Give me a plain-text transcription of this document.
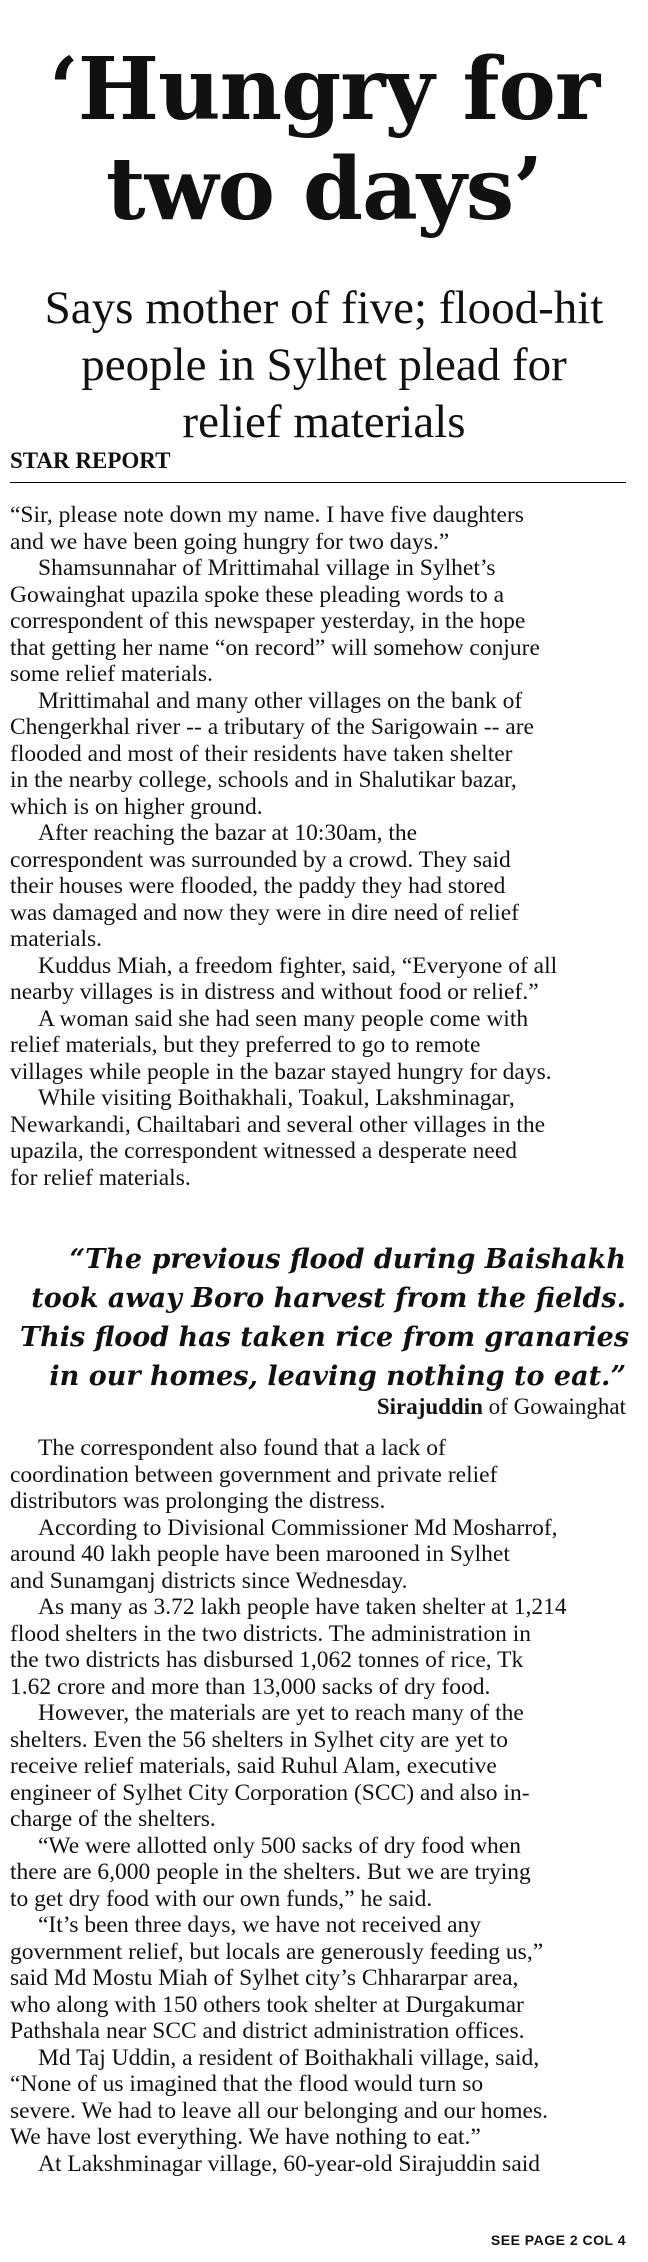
‘Hungry for
two days’
Says mother of five; flood-hit
people in Sylhet plead for
relief materials
STAR REPORT
“Sir, please note down my name. I have five daughters
and we have been going hungry for two days.”
Shamsunnahar of Mrittimahal village in Sylhet’s
Gowainghat upazila spoke these pleading words to a
correspondent of this newspaper yesterday, in the hope
that getting her name “on record” will somehow conjure
some relief materials.
Mrittimahal and many other villages on the bank of
Chengerkhal river -- a tributary of the Sarigowain -- are
flooded and most of their residents have taken shelter
in the nearby college, schools and in Shalutikar bazar,
which is on higher ground.
After reaching the bazar at 10:30am, the
correspondent was surrounded by a crowd. They said
their houses were flooded, the paddy they had stored
was damaged and now they were in dire need of relief
materials.
Kuddus Miah, a freedom fighter, said, “Everyone of all
nearby villages is in distress and without food or relief.”
A woman said she had seen many people come with
relief materials, but they preferred to go to remote
villages while people in the bazar stayed hungry for days.
While visiting Boithakhali, Toakul, Lakshminagar,
Newarkandi, Chailtabari and several other villages in the
upazila, the correspondent witnessed a desperate need
for relief materials.
“The previous flood during Baishakh
took away Boro harvest from the fields.
This flood has taken rice from granaries
in our homes, leaving nothing to eat.”
Sirajuddin of Gowainghat
The correspondent also found that a lack of
coordination between government and private relief
distributors was prolonging the distress.
According to Divisional Commissioner Md Mosharrof,
around 40 lakh people have been marooned in Sylhet
and Sunamganj districts since Wednesday.
As many as 3.72 lakh people have taken shelter at 1,214
flood shelters in the two districts. The administration in
the two districts has disbursed 1,062 tonnes of rice, Tk
1.62 crore and more than 13,000 sacks of dry food.
However, the materials are yet to reach many of the
shelters. Even the 56 shelters in Sylhet city are yet to
receive relief materials, said Ruhul Alam, executive
engineer of Sylhet City Corporation (SCC) and also in-
charge of the shelters.
“We were allotted only 500 sacks of dry food when
there are 6,000 people in the shelters. But we are trying
to get dry food with our own funds,” he said.
“It’s been three days, we have not received any
government relief, but locals are generously feeding us,”
said Md Mostu Miah of Sylhet city’s Chhararpar area,
who along with 150 others took shelter at Durgakumar
Pathshala near SCC and district administration offices.
Md Taj Uddin, a resident of Boithakhali village, said,
“None of us imagined that the flood would turn so
severe. We had to leave all our belonging and our homes.
We have lost everything. We have nothing to eat.”
At Lakshminagar village, 60-year-old Sirajuddin said
SEE PAGE 2 COL 4
